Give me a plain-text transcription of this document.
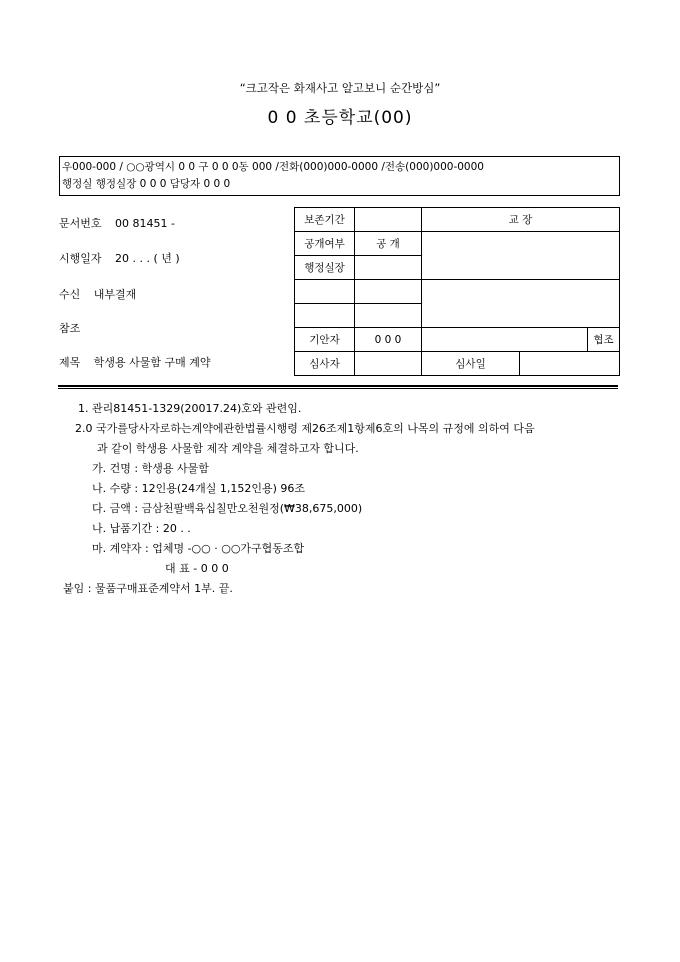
“크고작은 화재사고 알고보니 순간방심”
0 0 초등학교(00)
우000-000 / ○○광역시 0 0 구 0 0 0동 000 /전화(000)000-0000 /전송(000)000-0000
행정실 행정실장 0 0 0 담당자 0 0 0
문서번호 00 81451 -
시행일자 20 . . . ( 년 )
수신 내부결재
참조
제목 학생용 사물함 구매 계약
보존기간		교 장		
공개여부	공 개			
행정실장				

기안자	0 0 0			협조
심사자		심사일		
1. 관리81451-1329(20017.24)호와 관련임.
2.0 국가를당사자로하는계약에관한법률시행령 제26조제1항제6호의 나목의 규정에 의하여 다음
과 같이 학생용 사물함 제작 계약을 체결하고자 합니다.
가. 건명 : 학생용 사물함
나. 수량 : 12인용(24개실 1,152인용) 96조
다. 금액 : 금삼천팔백육십칠만오천원정(₩38,675,000)
나. 납품기간 : 20 . .
마. 계약자 : 업체명 -○○ · ○○가구협동조합
대 표 - 0 0 0
붙임 : 물품구매표준계약서 1부. 끝.
